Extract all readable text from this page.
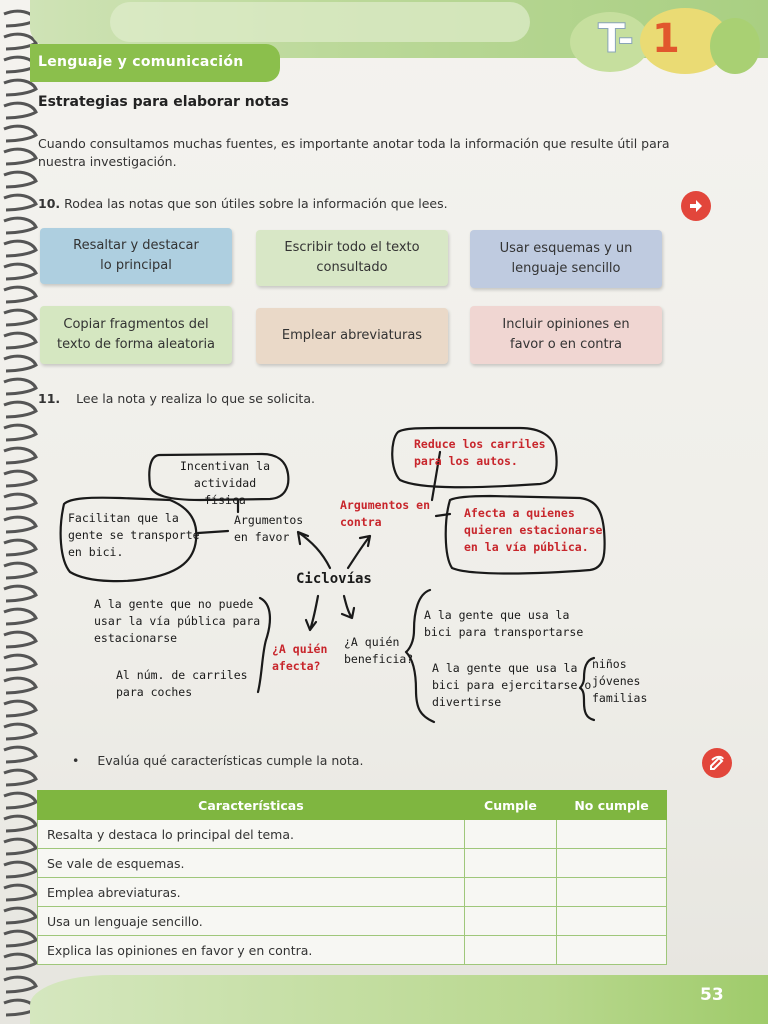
Lenguaje y comunicación	T- 1
Estrategias para elaborar notas
Cuando consultamos muchas fuentes, es importante anotar toda la información que resulte útil para nuestra investigación.
10. Rodea las notas que son útiles sobre la información que lees.
Resaltar y destacar
lo principal
Escribir todo el texto
consultado
Usar esquemas y un
lenguaje sencillo
Copiar fragmentos del
texto de forma aleatoria
Emplear abreviaturas
Incluir opiniones en
favor o en contra
11. Lee la nota y realiza lo que se solicita.
Ciclovías
Argumentos
en favor
Argumentos en
contra
Incentivan la
actividad física
Facilitan que la
gente se transporte
en bici.
Reduce los carriles
para los autos.
Afecta a quienes
quieren estacionarse
en la vía pública.
¿A quién
afecta?
¿A quién
beneficia?
A la gente que no puede
usar la vía pública para
estacionarse
Al núm. de carriles
para coches
A la gente que usa la
bici para transportarse
A la gente que usa la
bici para ejercitarse o
divertirse
niños
jóvenes
familias
• Evalúa qué características cumple la nota.
Características	Cumple	No cumple
Resalta y destaca lo principal del tema.		
Se vale de esquemas.		
Emplea abreviaturas.		
Usa un lenguaje sencillo.		
Explica las opiniones en favor y en contra.		
53
